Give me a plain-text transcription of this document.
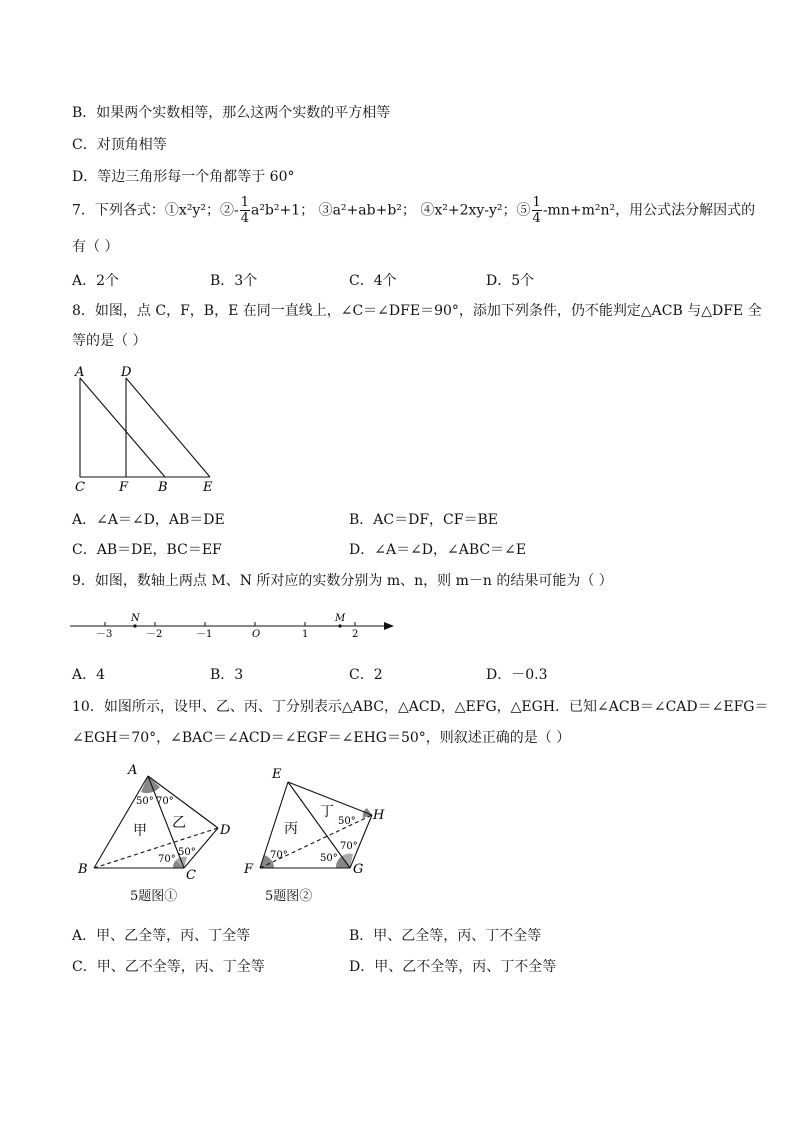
B．如果两个实数相等，那么这两个实数的平方相等
C．对顶角相等
D．等边三角形每一个角都等于 60°
7．下列各式：①x²y²；②- $\frac{1}{4} a^2b^2+1$； ③a²+ab+b²； ④x²+2xy-y²；⑤ $\frac{1}{4} -mn+m^2n^2$，用公式法分解因式的
有（ ）
A．2个	B．3个	C．4个	D．5个
8．如图，点 C，F，B，E 在同一直线上，∠C＝∠DFE＝90°，添加下列条件，仍不能判定△ACB 与△DFE 全
等的是（ ）
A	D
C	F B	E
A．∠A＝∠D，AB＝DE	B．AC＝DF，CF＝BE
C．AB＝DE，BC＝EF	D．∠A＝∠D，∠ABC＝∠E
9．如图，数轴上两点 M、N 所对应的实数分别为 m、n，则 m－n 的结果可能为（ ）
－3	－2	－1	O	1	2
N	M
A．4	B．3	C．2	D．－0.3
10．如图所示，设甲、乙、丙、丁分别表示△ABC，△ACD，△EFG，△EGH．已知∠ACB＝∠CAD＝∠EFG＝
∠EGH＝70°，∠BAC＝∠ACD＝∠EGF＝∠EHG＝50°，则叙述正确的是（ ）
A
B	C
D
甲 乙
50° 70°
50°
70°
5题图①
E
F	G
H
丙
丁
70°	50°
70°
50°
5题图②
A．甲、乙全等，丙、丁全等	B．甲、乙全等，丙、丁不全等
C．甲、乙不全等，丙、丁全等	D．甲、乙不全等，丙、丁不全等
